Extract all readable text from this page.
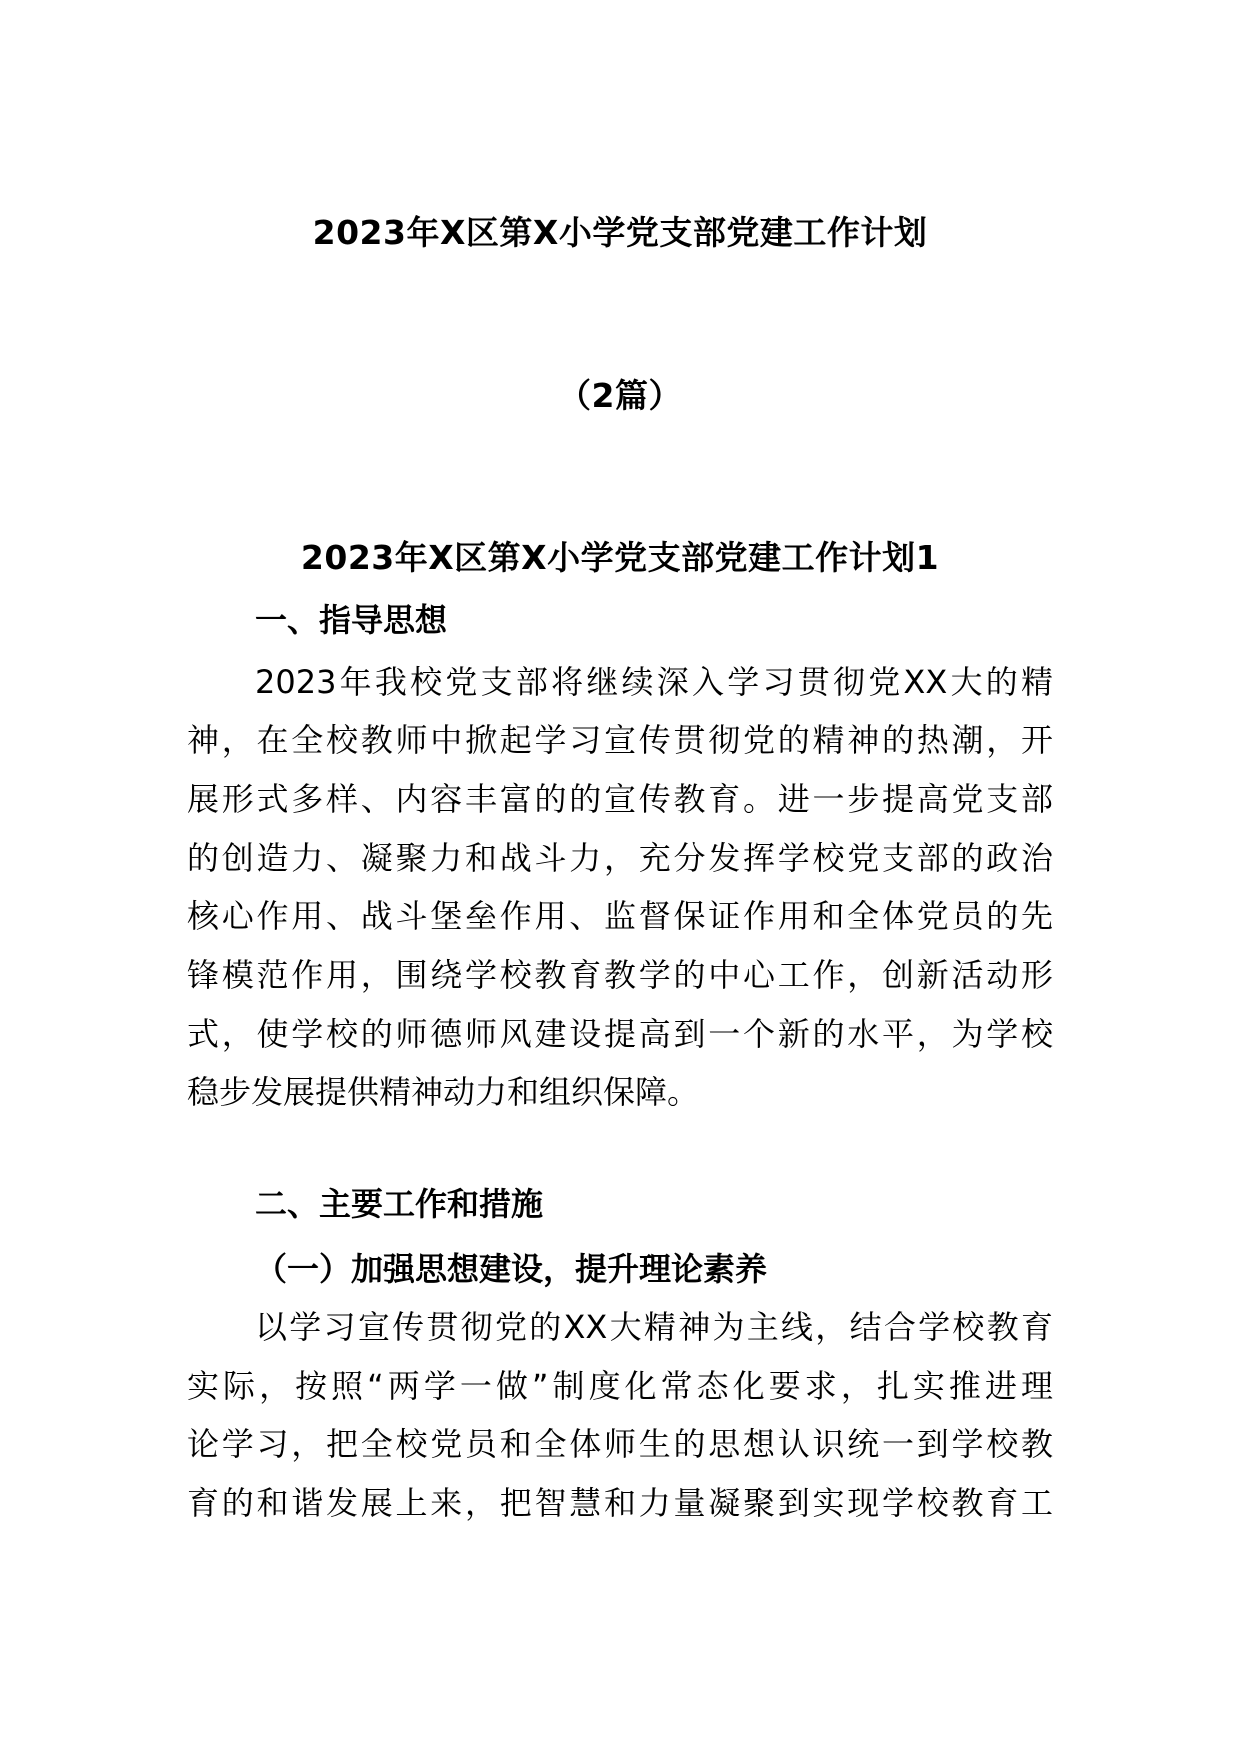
2023年X区第X小学党支部党建工作计划
（2篇）
2023年X区第X小学党支部党建工作计划1
一、指导思想
2023年我校党支部将继续深入学习贯彻党XX大的精
神，在全校教师中掀起学习宣传贯彻党的精神的热潮，开
展形式多样、内容丰富的的宣传教育。进一步提高党支部
的创造力、凝聚力和战斗力，充分发挥学校党支部的政治
核心作用、战斗堡垒作用、监督保证作用和全体党员的先
锋模范作用，围绕学校教育教学的中心工作，创新活动形
式，使学校的师德师风建设提高到一个新的水平，为学校
稳步发展提供精神动力和组织保障。
二、主要工作和措施
（一）加强思想建设，提升理论素养
以学习宣传贯彻党的XX大精神为主线，结合学校教育
实际，按照“两学一做”制度化常态化要求，扎实推进理
论学习，把全校党员和全体师生的思想认识统一到学校教
育的和谐发展上来，把智慧和力量凝聚到实现学校教育工
